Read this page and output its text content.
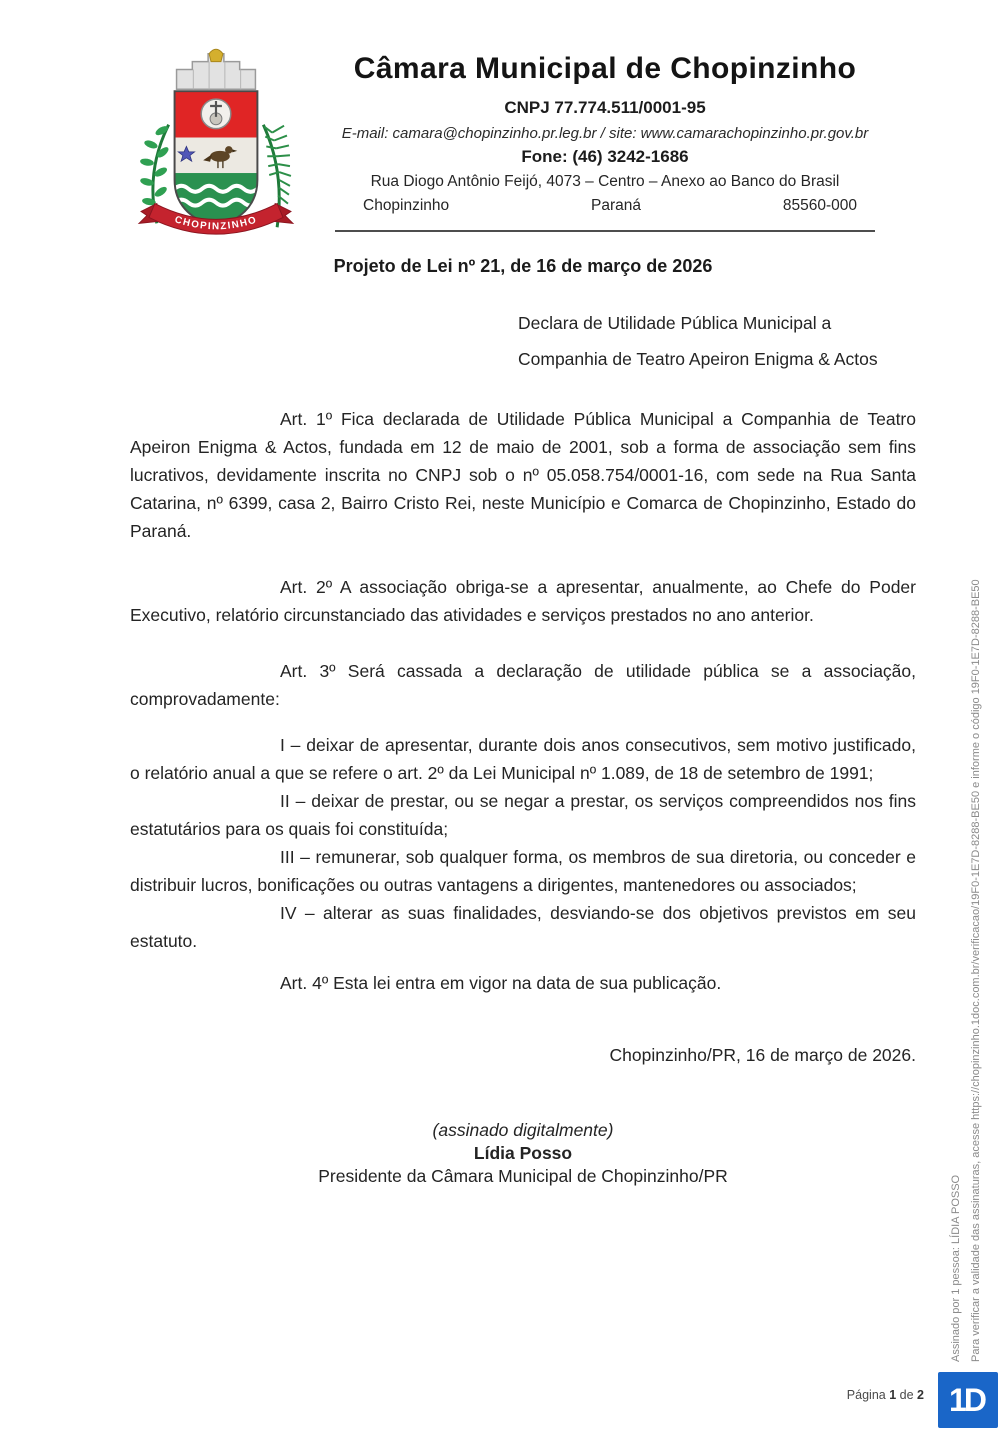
CHOPINZINHO
Câmara Municipal de Chopinzinho
CNPJ 77.774.511/0001-95
E-mail: camara@chopinzinho.pr.leg.br / site: www.camarachopinzinho.pr.gov.br
Fone: (46) 3242-1686
Rua Diogo Antônio Feijó, 4073 – Centro – Anexo ao Banco do Brasil
Chopinzinho	Paraná	85560-000
Projeto de Lei nº 21, de 16 de março de 2026
Declara de Utilidade Pública Municipal a
Companhia de Teatro Apeiron Enigma & Actos

Art. 1º Fica declarada de Utilidade Pública Municipal a Companhia de Teatro Apeiron Enigma & Actos, fundada em 12 de maio de 2001, sob a forma de associação sem fins lucrativos, devidamente inscrita no CNPJ sob o nº 05.058.754/0001-16, com sede na Rua Santa Catarina, nº 6399, casa 2, Bairro Cristo Rei, neste Município e Comarca de Chopinzinho, Estado do Paraná.

Art. 2º A associação obriga-se a apresentar, anualmente, ao Chefe do Poder Executivo, relatório circunstanciado das atividades e serviços prestados no ano anterior.

Art. 3º Será cassada a declaração de utilidade pública se a associação, comprovadamente:

I – deixar de apresentar, durante dois anos consecutivos, sem motivo justificado, o relatório anual a que se refere o art. 2º da Lei Municipal nº 1.089, de 18 de setembro de 1991;

II – deixar de prestar, ou se negar a prestar, os serviços compreendidos nos fins estatutários para os quais foi constituída;

III – remunerar, sob qualquer forma, os membros de sua diretoria, ou conceder e distribuir lucros, bonificações ou outras vantagens a dirigentes, mantenedores ou associados;

IV – alterar as suas finalidades, desviando-se dos objetivos previstos em seu estatuto.

Art. 4º Esta lei entra em vigor na data de sua publicação.

Chopinzinho/PR, 16 de março de 2026.
(assinado digitalmente)
Lídia Posso
Presidente da Câmara Municipal de Chopinzinho/PR	Assinado por 1 pessoa: LÍDIA POSSO Para verificar a validade das assinaturas, acesse https://chopinzinho.1doc.com.br/verificacao/19F0-1E7D-8288-BE50 e informe o código 19F0-1E7D-8288-BE50
Página 1 de 2 1D
